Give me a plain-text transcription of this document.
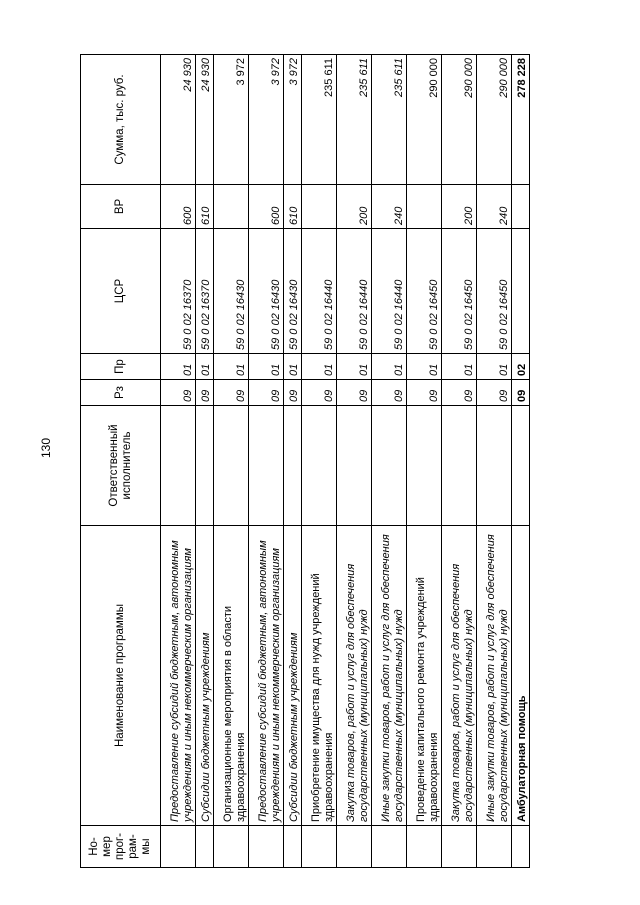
130
Но-мер прог-рам-мы	Наименование программы	Ответственный исполнитель	Рз	Пр	ЦСР	ВР	Сумма, тыс. руб.
	Предоставление субсидий бюджетным, автономным учреждениям и иным некоммерческим организациям		09	01	59 0 02 16370	600	24 930
	Субсидии бюджетным учреждениям		09	01	59 0 02 16370	610	24 930
	Организационные мероприятия в области здравоохранения		09	01	59 0 02 16430		3 972
	Предоставление субсидий бюджетным, автономным учреждениям и иным некоммерческим организациям		09	01	59 0 02 16430	600	3 972
	Субсидии бюджетным учреждениям		09	01	59 0 02 16430	610	3 972
	Приобретение имущества для нужд учреждений здравоохранения		09	01	59 0 02 16440		235 611
	Закупка товаров, работ и услуг для обеспечения государственных (муниципальных) нужд		09	01	59 0 02 16440	200	235 611
	Иные закупки товаров, работ и услуг для обеспечения государственных (муниципальных) нужд		09	01	59 0 02 16440	240	235 611
	Проведение капитального ремонта учреждений здравоохранения		09	01	59 0 02 16450		290 000
	Закупка товаров, работ и услуг для обеспечения государственных (муниципальных) нужд		09	01	59 0 02 16450	200	290 000
	Иные закупки товаров, работ и услуг для обеспечения государственных (муниципальных) нужд		09	01	59 0 02 16450	240	290 000
	Амбулаторная помощь		09	02			278 228
